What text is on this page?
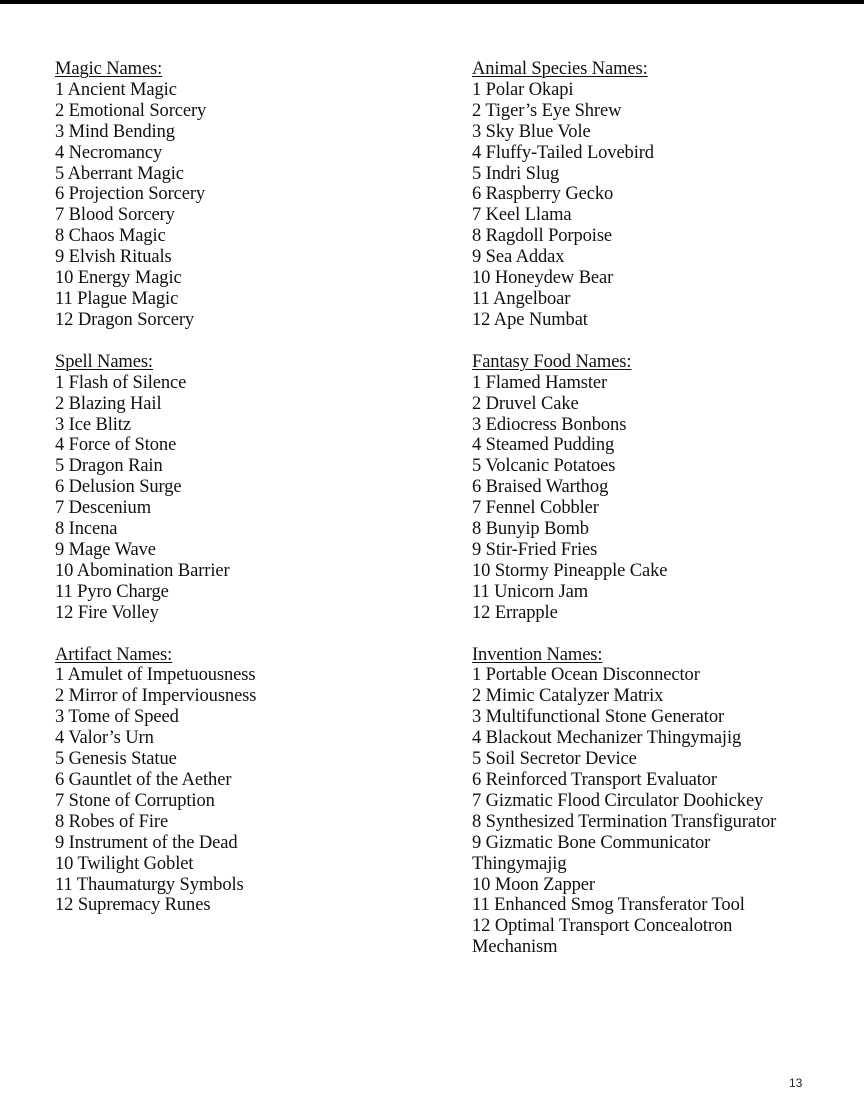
Magic Names:
1 Ancient Magic
2 Emotional Sorcery
3 Mind Bending
4 Necromancy
5 Aberrant Magic
6 Projection Sorcery
7 Blood Sorcery
8 Chaos Magic
9 Elvish Rituals
10 Energy Magic
11 Plague Magic
12 Dragon Sorcery
Spell Names:
1 Flash of Silence
2 Blazing Hail
3 Ice Blitz
4 Force of Stone
5 Dragon Rain
6 Delusion Surge
7 Descenium
8 Incena
9 Mage Wave
10 Abomination Barrier
11 Pyro Charge
12 Fire Volley
Artifact Names:
1 Amulet of Impetuousness
2 Mirror of Imperviousness
3 Tome of Speed
4 Valor’s Urn
5 Genesis Statue
6 Gauntlet of the Aether
7 Stone of Corruption
8 Robes of Fire
9 Instrument of the Dead
10 Twilight Goblet
11 Thaumaturgy Symbols
12 Supremacy Runes
Animal Species Names:
1 Polar Okapi
2 Tiger’s Eye Shrew
3 Sky Blue Vole
4 Fluffy-Tailed Lovebird
5 Indri Slug
6 Raspberry Gecko
7 Keel Llama
8 Ragdoll Porpoise
9 Sea Addax
10 Honeydew Bear
11 Angelboar
12 Ape Numbat
Fantasy Food Names:
1 Flamed Hamster
2 Druvel Cake
3 Ediocress Bonbons
4 Steamed Pudding
5 Volcanic Potatoes
6 Braised Warthog
7 Fennel Cobbler
8 Bunyip Bomb
9 Stir-Fried Fries
10 Stormy Pineapple Cake
11 Unicorn Jam
12 Errapple
Invention Names:
1 Portable Ocean Disconnector
2 Mimic Catalyzer Matrix
3 Multifunctional Stone Generator
4 Blackout Mechanizer Thingymajig
5 Soil Secretor Device
6 Reinforced Transport Evaluator
7 Gizmatic Flood Circulator Doohickey
8 Synthesized Termination Transfigurator
9 Gizmatic Bone Communicator Thingymajig
10 Moon Zapper
11 Enhanced Smog Transferator Tool
12 Optimal Transport Concealotron Mechanism
13
